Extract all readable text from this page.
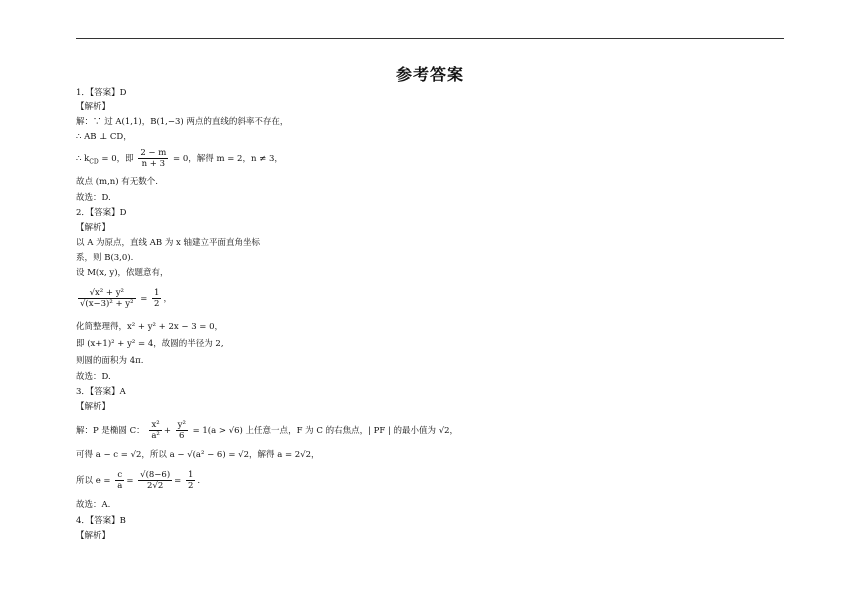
参考答案
1．【答案】D
【解析】
解：∵ 过 A(1,1)，B(1,−3) 两点的直线的斜率不存在，
∴ AB ⊥ CD，
∴ $k_{CD} = 0$，即 $\frac{2 - m}{n + 3} = 0$，解得 m = 2，n ≠ 3，
故点 (m,n) 有无数个.
故选：D.
2．【答案】D
【解析】
以 A 为原点，直线 AB 为 x 轴建立平面直角坐标
系，则 B(3,0).
设 M(x, y)，依题意有，
$\frac{\text{√x² + y²}}{\text{√(x−3)² + y²}} = \frac{1}{2}$ ，
化简整理得，x² + y² + 2x − 3 = 0，
即 (x+1)² + y² = 4，故圆的半径为 2,
则圆的面积为 4π.
故选：D.
3．【答案】A
【解析】
解：P 是椭圆 C： $\frac{\text{x²}}{\text{a²}} + \frac{\text{y²}}{6} = 1(a > √6)$ 上任意一点，F 为 C 的右焦点，| PF | 的最小值为 √2，
可得 a − c = √2，所以 a − √(a² − 6) = √2，解得 a = 2√2，
所以 $e = \frac{c}{a} = \frac{√(8-6)}{2√2} = \frac{1}{2}$ .
故选：A.
4．【答案】B
【解析】
